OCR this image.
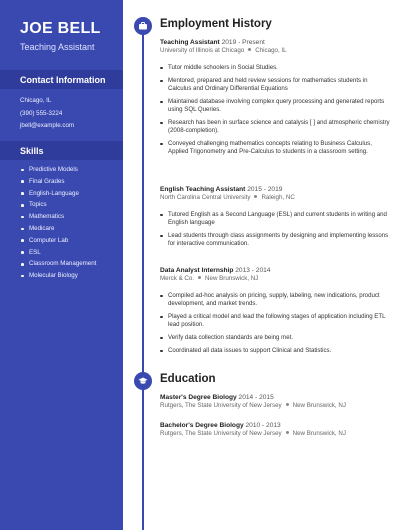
JOE BELL
Teaching Assistant
Contact Information
Chicago, IL
(390) 555-3224
jbell@example.com
Skills
Predictive Models
Final Grades
English-Language
Topics
Mathematics
Medicare
Computer Lab
ESL
Classroom Management
Molecular Biology
Employment History
Teaching Assistant 2019 - Present
University of Illinois at Chicago Chicago, IL
Tutor middle schoolers in Social Studies.
Mentored, prepared and held review sessions for mathematics students in Calculus and Ordinary Differential Equations
Maintained database involving complex query processing and generated reports using SQL Queries.
Research has been in surface science and catalysis [ ] and atmospheric chemistry (2008-completion).
Conveyed challenging mathematics concepts relating to Business Calculus, Applied Trigonometry and Pre-Calculus to students in a classroom setting.
English Teaching Assistant 2015 - 2019
North Carolina Central University Raleigh, NC
Tutored English as a Second Language (ESL) and current students in writing and English language
Lead students through class assignments by designing and implementing lessons for interactive communication.
Data Analyst Internship 2013 - 2014
Merck & Co. New Brunswick, NJ
Compiled ad-hoc analysis on pricing, supply, labeling, new indications, product development, and market trends.
Played a critical model and lead the following stages of application including ETL lead position.
Verify data collection standards are being met.
Coordinated all data issues to support Clinical and Statistics.
Education
Master's Degree Biology 2014 - 2015
Rutgers, The State University of New Jersey New Brunswick, NJ
Bachelor's Degree Biology 2010 - 2013
Rutgers, The State University of New Jersey New Brunswick, NJ
